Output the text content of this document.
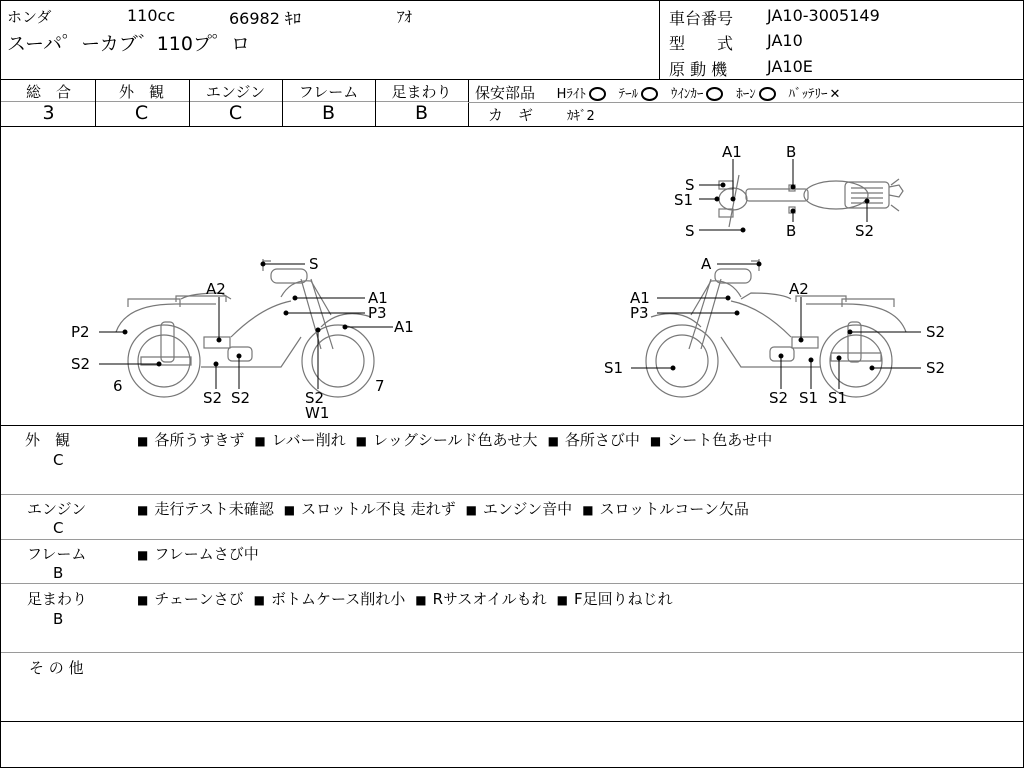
ホンダ	110cc	66982 ｷﾛ	ｱｵ
スーパ゜ーカブ゛110プ゜ロ
車台番号 JA10-3005149
型　　式 JA10
原 動 機 JA10E
総　合	外　観	エンジン	フレーム	足まわり
3	C	C	B	B
保安部品 Hﾗｲﾄ	ﾃｰﾙ	ｳｲﾝｶｰ	ﾎｰﾝ	ﾊﾞｯﾃﾘｰ ✕
カ　ギ	ｶｷﾞ2
A1	B
S
S1
S	B	S2
S	A
A2	A1
P3
A1
P2
S2
6
S2 S2	S2
W1
7
A1
P3
A2
S2
S1	S2
S2 S1 S1
外　観
C
■ 各所うすきず ■ レバー削れ ■ レッグシールド色あせ大 ■ 各所さび中 ■ シート色あせ中
エンジン
C
■ 走行テスト未確認 ■ スロットル不良 走れず ■ エンジン音中 ■ スロットルコーン欠品
フレーム
B
■ フレームさび中
足まわり
B
■ チェーンさび ■ ボトムケース削れ小 ■ Rサスオイルもれ ■ F足回りねじれ
そ の 他
